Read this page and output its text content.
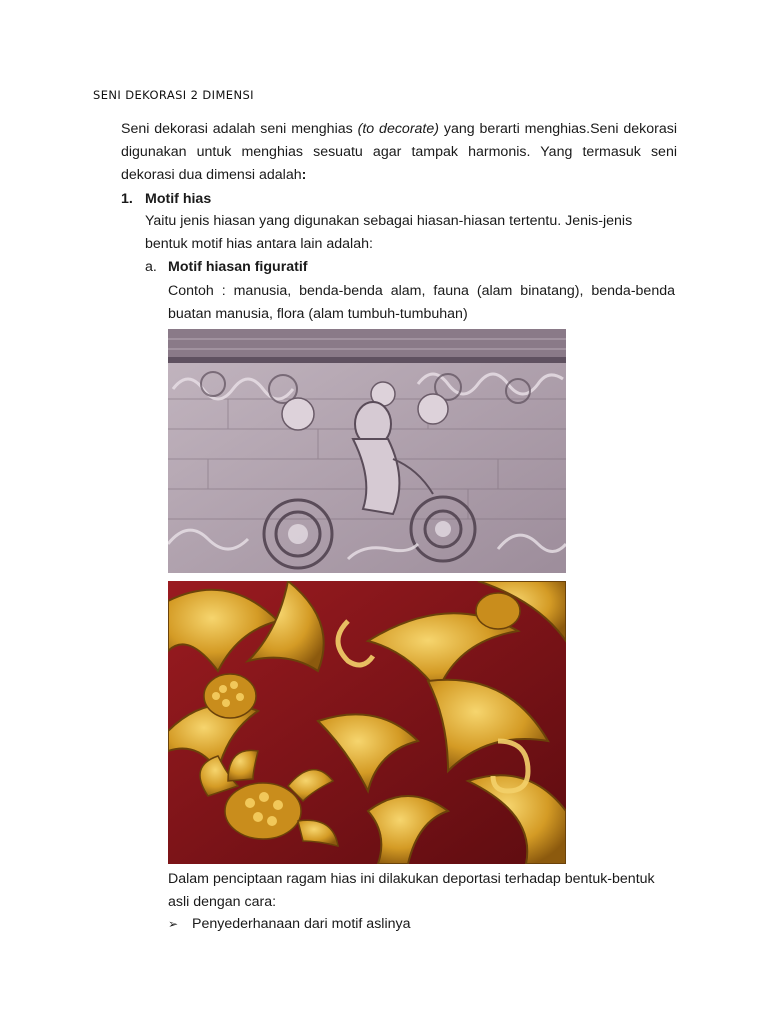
SENI DEKORASI 2 DIMENSI

Seni dekorasi adalah seni menghias (to decorate) yang berarti menghias.Seni dekorasi digunakan untuk menghias sesuatu agar tampak harmonis. Yang termasuk seni dekorasi dua dimensi adalah:

1. Motif hias
Yaitu jenis hiasan yang digunakan sebagai hiasan-hiasan tertentu. Jenis-jenis bentuk motif hias antara lain adalah:
a. Motif hiasan figuratif
Contoh : manusia, benda-benda alam, fauna (alam binatang), benda-benda buatan manusia, flora (alam tumbuh-tumbuhan)
Dalam penciptaan ragam hias ini dilakukan deportasi terhadap bentuk-bentuk asli dengan cara:
➢ Penyederhanaan dari motif aslinya
